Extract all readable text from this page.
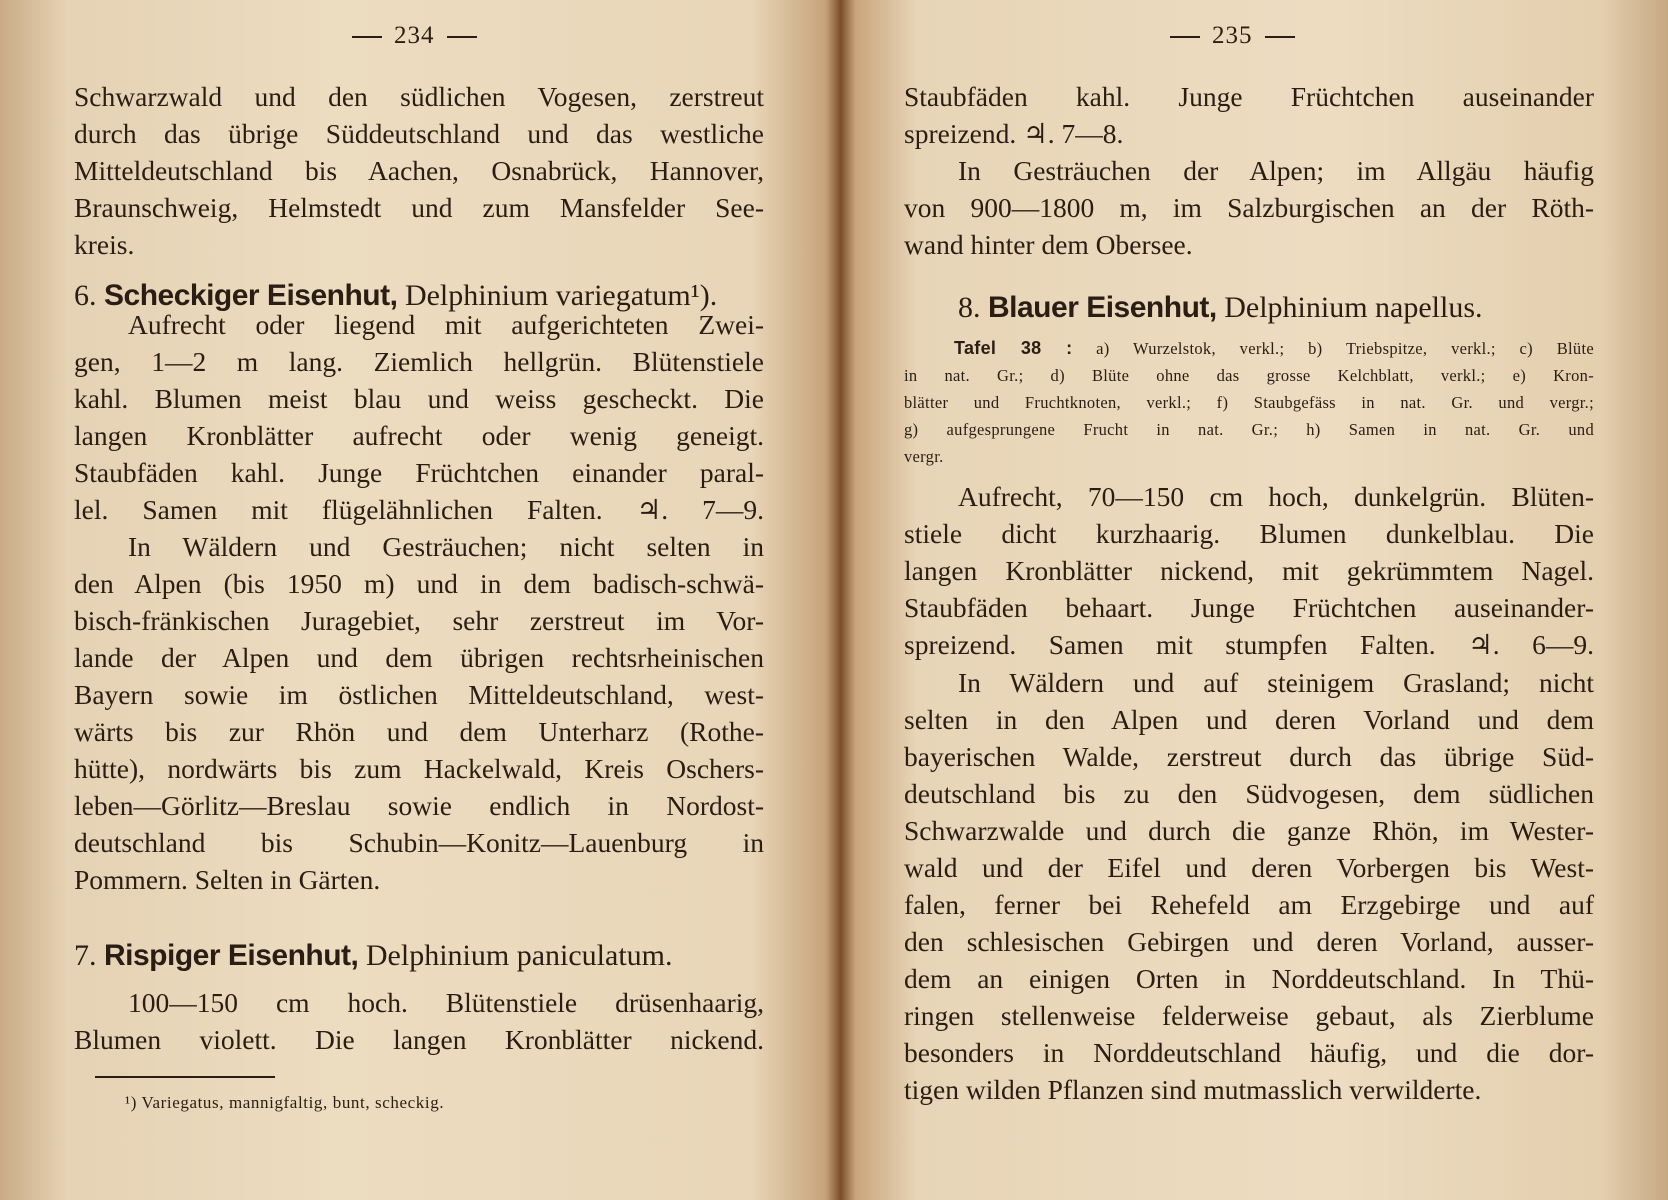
234
Schwarzwald und den südlichen Vogesen, zerstreut
durch das übrige Süddeutschland und das westliche
Mitteldeutschland bis Aachen, Osnabrück, Hannover,
Braunschweig, Helmstedt und zum Mansfelder See-
kreis.
6. Scheckiger Eisenhut, Delphinium variegatum¹).
Aufrecht oder liegend mit aufgerichteten Zwei-
gen, 1—2 m lang. Ziemlich hellgrün. Blütenstiele
kahl. Blumen meist blau und weiss gescheckt. Die
langen Kronblätter aufrecht oder wenig geneigt.
Staubfäden kahl. Junge Früchtchen einander paral-
lel. Samen mit flügelähnlichen Falten. ♃. 7—9.
In Wäldern und Gesträuchen; nicht selten in
den Alpen (bis 1950 m) und in dem badisch-schwä-
bisch-fränkischen Juragebiet, sehr zerstreut im Vor-
lande der Alpen und dem übrigen rechtsrheinischen
Bayern sowie im östlichen Mitteldeutschland, west-
wärts bis zur Rhön und dem Unterharz (Rothe-
hütte), nordwärts bis zum Hackelwald, Kreis Oschers-
leben—Görlitz—Breslau sowie endlich in Nordost-
deutschland bis Schubin—Konitz—Lauenburg in
Pommern. Selten in Gärten.
7. Rispiger Eisenhut, Delphinium paniculatum.
100—150 cm hoch. Blütenstiele drüsenhaarig,
Blumen violett. Die langen Kronblätter nickend.
¹) Variegatus, mannigfaltig, bunt, scheckig.
235
Staubfäden kahl. Junge Früchtchen auseinander
spreizend. ♃. 7—8.
In Gesträuchen der Alpen; im Allgäu häufig
von 900—1800 m, im Salzburgischen an der Röth-
wand hinter dem Obersee.
8. Blauer Eisenhut, Delphinium napellus.
Tafel 38 : a) Wurzelstok, verkl.; b) Triebspitze, verkl.; c) Blüte
in nat. Gr.; d) Blüte ohne das grosse Kelchblatt, verkl.; e) Kron-
blätter und Fruchtknoten, verkl.; f) Staubgefäss in nat. Gr. und vergr.;
g) aufgesprungene Frucht in nat. Gr.; h) Samen in nat. Gr. und
vergr.
Aufrecht, 70—150 cm hoch, dunkelgrün. Blüten-
stiele dicht kurzhaarig. Blumen dunkelblau. Die
langen Kronblätter nickend, mit gekrümmtem Nagel.
Staubfäden behaart. Junge Früchtchen auseinander-
spreizend. Samen mit stumpfen Falten. ♃. 6—9.
In Wäldern und auf steinigem Grasland; nicht
selten in den Alpen und deren Vorland und dem
bayerischen Walde, zerstreut durch das übrige Süd-
deutschland bis zu den Südvogesen, dem südlichen
Schwarzwalde und durch die ganze Rhön, im Wester-
wald und der Eifel und deren Vorbergen bis West-
falen, ferner bei Rehefeld am Erzgebirge und auf
den schlesischen Gebirgen und deren Vorland, ausser-
dem an einigen Orten in Norddeutschland. In Thü-
ringen stellenweise felderweise gebaut, als Zierblume
besonders in Norddeutschland häufig, und die dor-
tigen wilden Pflanzen sind mutmasslich verwilderte.
